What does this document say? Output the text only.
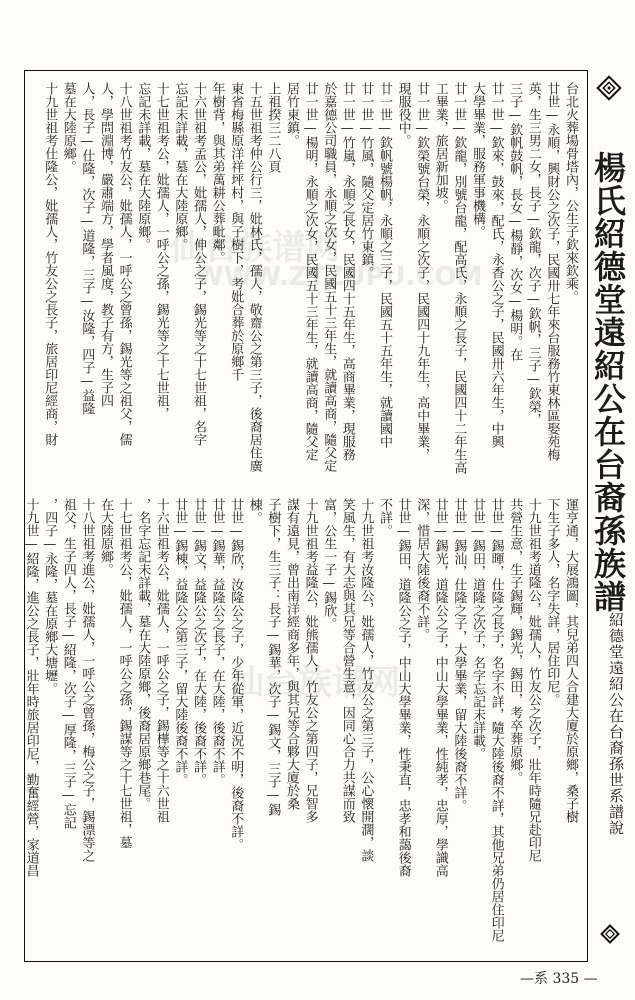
楊氏紹德堂遠紹公在台裔孫族譜
紹德堂遠紹公在台裔孫世系譜說
仙台族谱网
WWW.ZTZUPU.COM
仙台族谱网
台北火葬場骨塔內，公生子欽來欽乘。
廿世—永順，興財公之次子，民國卅七年來台服務竹東林區娶苑梅
英，生三男二女，長子—欽龍，次子—欽帆，三子—欽榮，
三子—欽帆鼓帆，長女—楊靜，次女—楊明。在
廿一世—欽來，鼓來，配氏，永香公之子，民國卅六年生，中興
大學畢業，服務軍事機構。
廿一世—欽龍，別號台龍，配高氏，永順之長子，民國四十二年生高
工畢業，旅居新加坡。
廿一世—欽榮號台榮，永順之次子，民國四十九年生，高中畢業，
現服役中。
廿一世—欽帆號楊帆，永順之三子，民國五十五年生，就讀國中
廿一世—竹風，隨父定居竹東鎮。
廿一世—竹嵐，永順之長女，民國四十五年生，高商畢業，現服務
於嘉德公司職員，永順之次女，民國五十三年生，就讀高商，隨父定
廿一世—楊明，永順之次女，民國五十三年生，就讀高商，隨父定
居竹東鎮。
上祖揆三二八頁
十五世祖考仲公行三，妣林氏，孺人，敬齋公之第三子，後裔居住廣
東省梅縣原洋祥坪村，與子樹下，考妣合葬於原鄉千
年樹背，與其弟萬耕公葬毗鄰。
十六世祖考孟公，妣孺人，伸公之子，錫光等之十七世祖，名字
忘記未詳載，墓在大陸原鄉。
十七世祖考公，妣孺人，一呼公之孫，錫光等之十七世祖，
忘記未詳載，墓在大陸原鄉。
十八世祖考竹友公，妣孺人，一呼公之曾孫，錫光等之祖父，儒
人，學問淵博，嚴肅端方，學者風度，教子有方，生子四
人，長子—仕隆，次子—道隆，三子—汝隆，四子—益隆
墓在大陸原鄉。
十九世祖考仕隆公，妣孺人，竹友公之長子，旅居印尼經商，財
運亨通，大展鴻圖，其兒弟四人合建大廈於原鄉，桑子樹
下生子多人，名字失詳，居住印尼。
十九世祖考道隆公，妣孺人，竹友公之次子，壯年時隨兄赴印尼
共營生意，生子錫輝，錫光，錫田，考卒葬原鄉。
廿世—錫暉，仕隆之長子，名字不詳，隨大陸後裔不詳，其他兄弟仍居住印尼
廿世—錫田，道隆之次子，名字忘記未詳載。
廿世—錫汕，仕隆之子，大學畢業，留大陸後裔不詳。
廿世—錫光，道隆公之子，中山大學畢業，性純孝，忠厚，學識高
深，惜居大陸後裔不詳。
廿世—錫田，道隆公之子，中山大學畢業，性秉直，忠孝和藹後裔
不詳。
十九世祖考汝隆公，妣孺人，竹友公之第三子，公心懷開濶，談
笑風生，有大志與其兄等合營生意，因同心合力共謀而致
富，公生一子—錫欣。
十九世祖考益隆公，妣熊孺人，竹友公之第四子，兄智多
謀有遠見，曾出南洋經商多年，與其兄等合夥大廈於桑
子樹下，生三子：長子—錫華，次子—錫文，三子—錫
棟。
廿世—錫欣，汝隆公之子，少年從軍，近況不明，後裔不詳。
廿世—錫華，益隆公之長子，在大陸，後裔不詳。
廿世—錫文，益隆公之次子，在大陸，後裔不詳。
廿世—錫棟，益隆公之第三子，留大陸後裔不詳。
十六世祖考公，妣孺人，一呼公之子，錫樺等之十六世祖
，名字忘記未詳載，墓在大陸原鄉，後裔居原鄉巷尾。
十七世祖考公，妣孺人，一呼公之孫，錫謀等之十七世祖，墓
在大陸原鄉。
十八世祖考進公，妣孺人，一呼公之曾孫，梅公之子，錫漂等之
祖父，生子四人，長子—紹隆，次子—厚隆，三子—忘記
，四子—永隆，墓在原鄉大塘壢。
十九世—紹隆，進公之長子，壯年時旅居印尼，勤奮經營，家道昌
—系 335 —
